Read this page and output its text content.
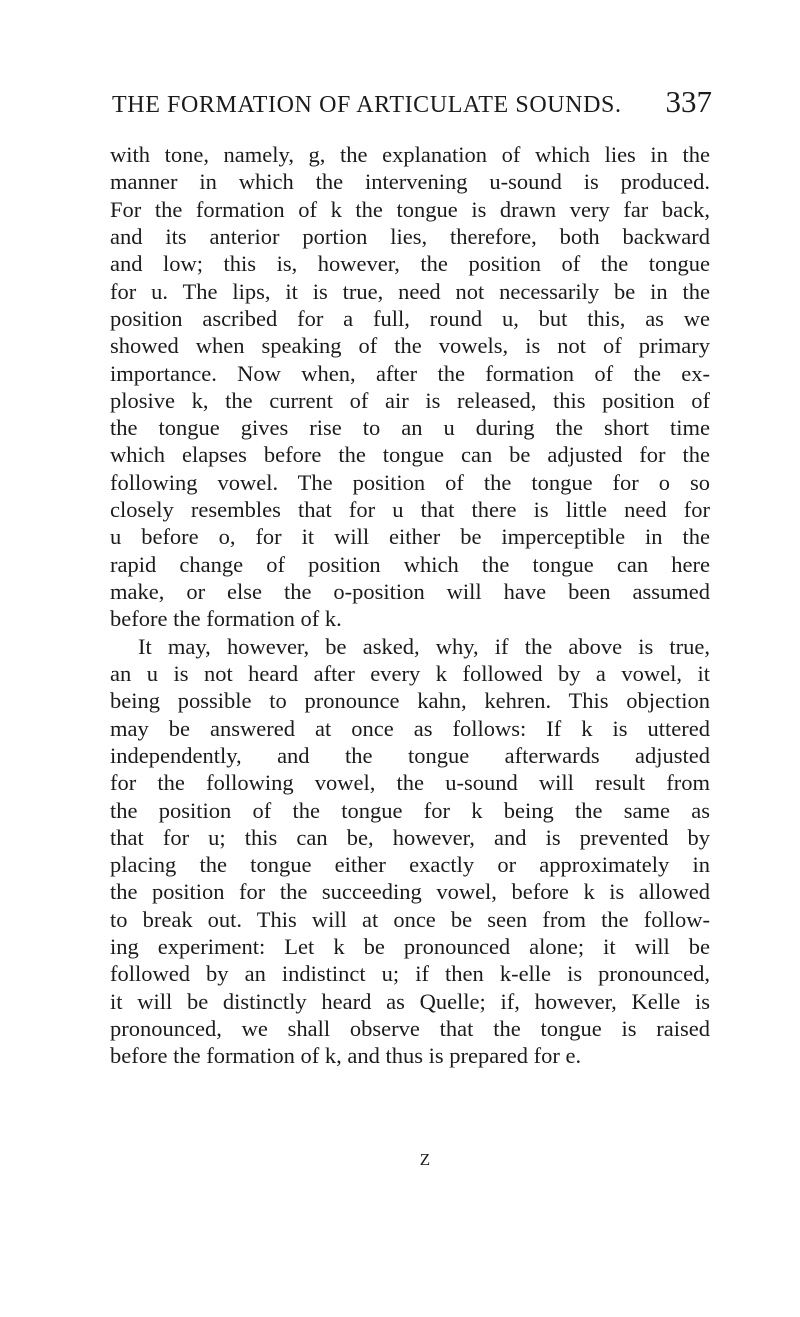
THE FORMATION OF ARTICULATE SOUNDS. 337
with tone, namely, g, the explanation of which lies in the
manner in which the intervening u-sound is produced.
For the formation of k the tongue is drawn very far back,
and its anterior portion lies, therefore, both backward
and low; this is, however, the position of the tongue
for u. The lips, it is true, need not necessarily be in the
position ascribed for a full, round u, but this, as we
showed when speaking of the vowels, is not of primary
importance. Now when, after the formation of the ex-
plosive k, the current of air is released, this position of
the tongue gives rise to an u during the short time
which elapses before the tongue can be adjusted for the
following vowel. The position of the tongue for o so
closely resembles that for u that there is little need for
u before o, for it will either be imperceptible in the
rapid change of position which the tongue can here
make, or else the o-position will have been assumed
before the formation of k.
It may, however, be asked, why, if the above is true,
an u is not heard after every k followed by a vowel, it
being possible to pronounce kahn, kehren. This objection
may be answered at once as follows: If k is uttered
independently, and the tongue afterwards adjusted
for the following vowel, the u-sound will result from
the position of the tongue for k being the same as
that for u; this can be, however, and is prevented by
placing the tongue either exactly or approximately in
the position for the succeeding vowel, before k is allowed
to break out. This will at once be seen from the follow-
ing experiment: Let k be pronounced alone; it will be
followed by an indistinct u; if then k-elle is pronounced,
it will be distinctly heard as Quelle; if, however, Kelle is
pronounced, we shall observe that the tongue is raised
before the formation of k, and thus is prepared for e.
Z
